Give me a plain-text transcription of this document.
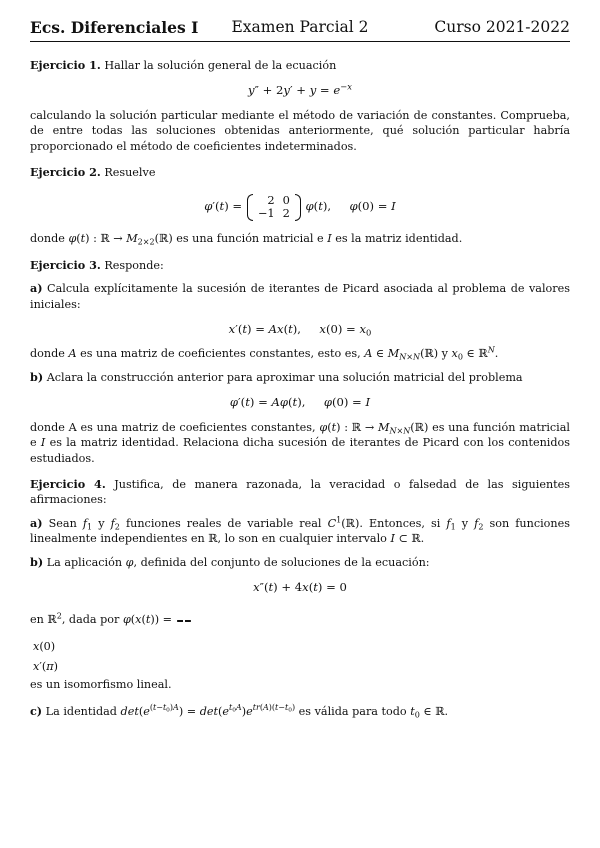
Ecs. Diferenciales I	Examen Parcial 2	Curso 2021-2022

Ejercicio 1. Hallar la solución general de la ecuación

$y'' + 2y' + y = e^{-x}$

calculando la solución particular mediante el método de variación de constantes. Comprueba, de entre todas las soluciones obtenidas anteriormente, qué solución particular habría proporcionado el método de coeficientes indeterminados.

Ejercicio 2. Resuelve

φ′(t) = 2	0
−1	2 φ(t),     φ(0) = I

donde φ(t) : ℝ → $M_{2\times 2}(ℝ)$ es una función matricial e I es la matriz identidad.

Ejercicio 3. Responde:

a) Calcula explícitamente la sucesión de iterantes de Picard asociada al problema de valores iniciales:

x′(t) = Ax(t),     $x(0) = x_0$

donde A es una matriz de coeficientes constantes, esto es, A ∈ $M_{N\times N}(ℝ)$ y $x_0$ ∈ ℝ$^N$.

b) Aclara la construcción anterior para aproximar una solución matricial del problema

φ′(t) = Aφ(t),     φ(0) = I

donde A es una matriz de coeficientes constantes, φ(t) : ℝ → $M_{N\times N}(ℝ)$ es una función matricial e I es la matriz identidad. Relaciona dicha sucesión de iterantes de Picard con los contenidos estudiados.

Ejercicio 4. Justifica, de manera razonada, la veracidad o falsedad de las siguientes afirmaciones:

a) Sean $f_1$ y $f_2$ funciones reales de variable real $C^1(ℝ)$. Entonces, si $f_1$ y $f_2$ son funciones linealmente independientes en ℝ, lo son en cualquier intervalo I ⊂ ℝ.

b) La aplicación φ, definida del conjunto de soluciones de la ecuación:

x″(t) + 4x(t) = 0

en ℝ$^2$, dada por φ(x(t)) =

x(0)
x′(π)
es un isomorfismo lineal.

c) La identidad $\det(e^{(t-t_0)A}) = \det(e^{t_0A})e^{tr(A)(t-t_0)}$ es válida para todo $t_0$ ∈ ℝ.
